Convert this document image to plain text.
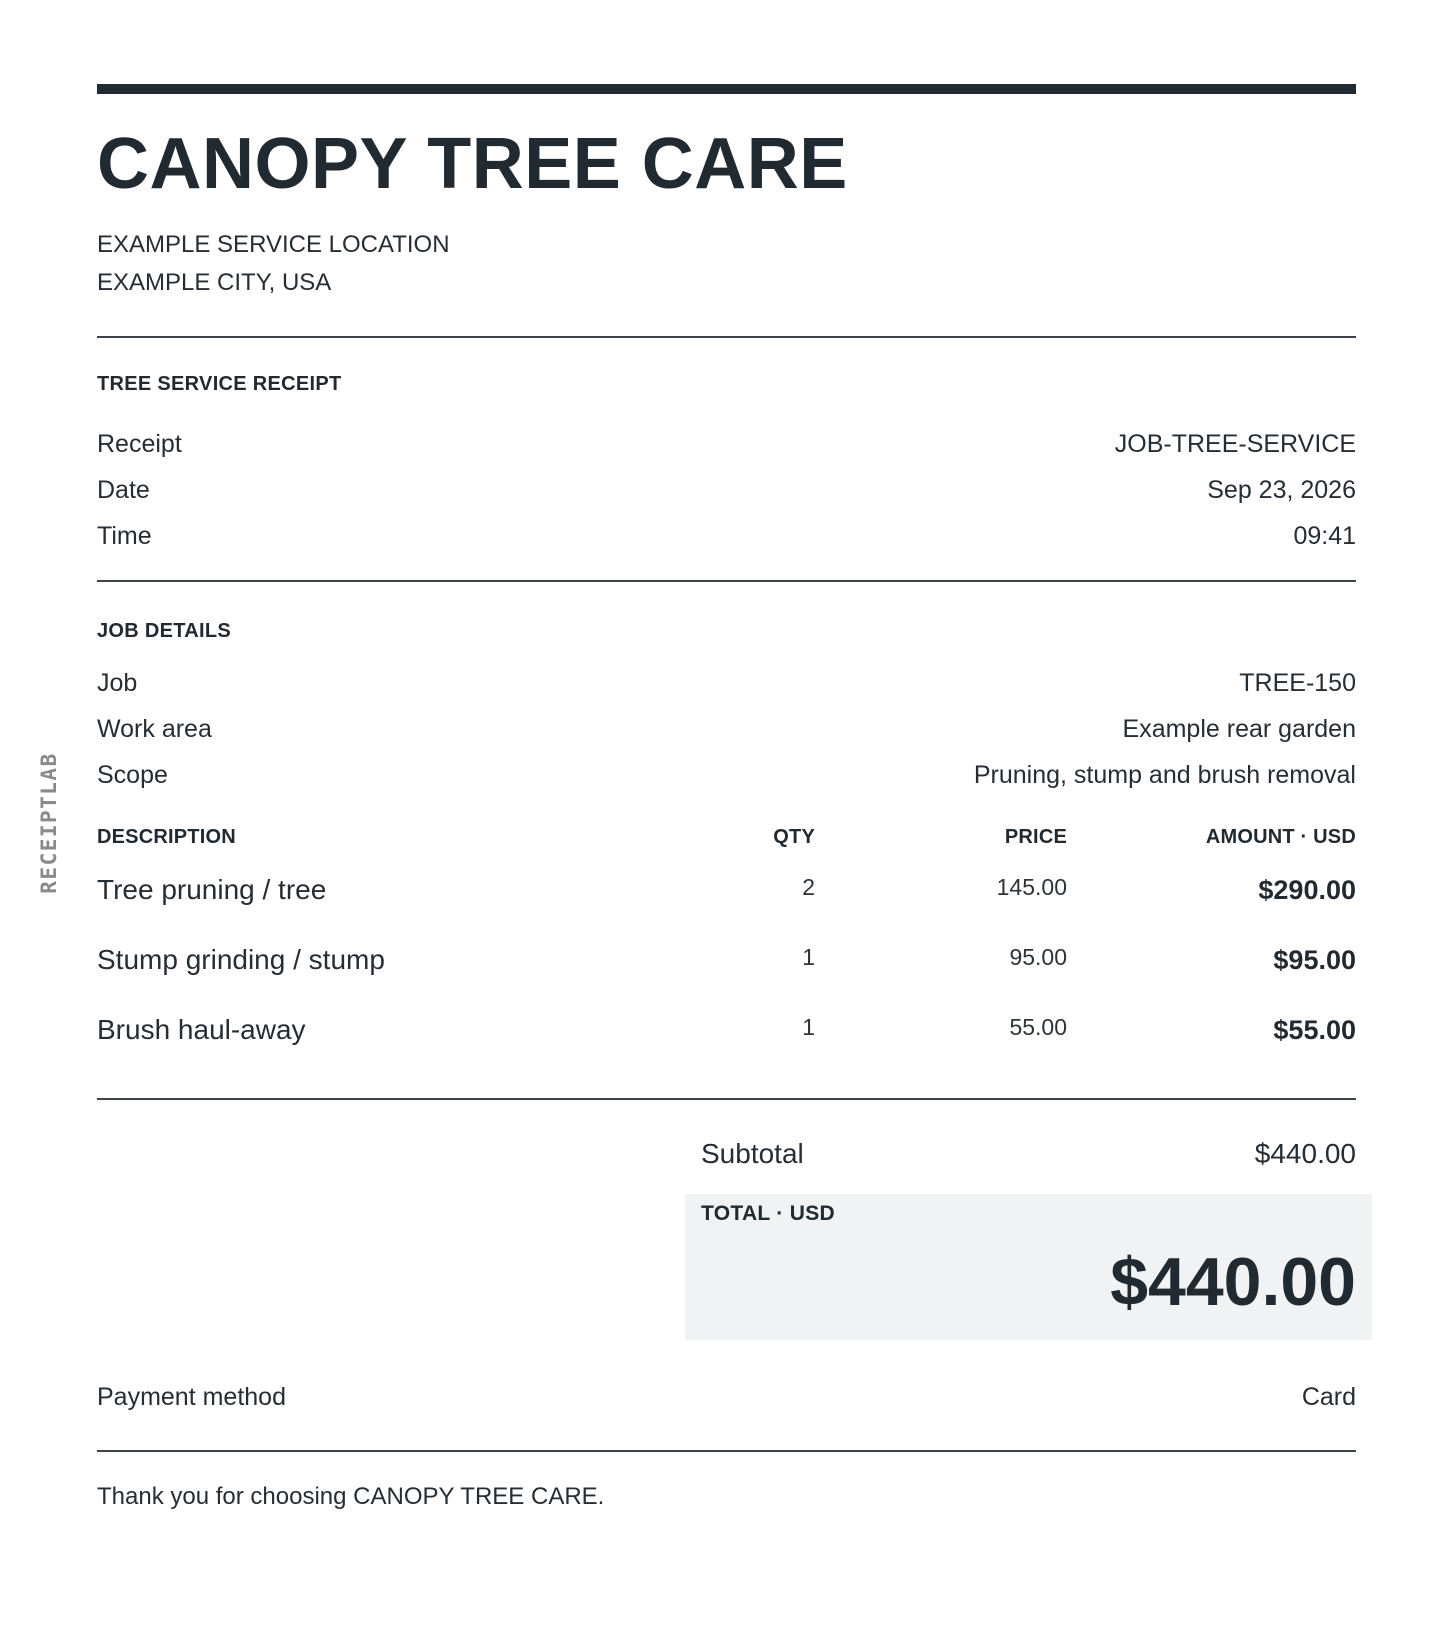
RECEIPTLAB
CANOPY TREE CARE
EXAMPLE SERVICE LOCATION
EXAMPLE CITY, USA
TREE SERVICE RECEIPT
Receipt	JOB-TREE-SERVICE
Date	Sep 23, 2026
Time	09:41
JOB DETAILS
Job	TREE-150
Work area	Example rear garden
Scope	Pruning, stump and brush removal
DESCRIPTION	QTY	PRICE	AMOUNT · USD
Tree pruning / tree	2	145.00	$290.00
Stump grinding / stump	1	95.00	$95.00
Brush haul-away	1	55.00	$55.00
Subtotal	$440.00
TOTAL · USD
$440.00
Payment method	Card
Thank you for choosing CANOPY TREE CARE.
